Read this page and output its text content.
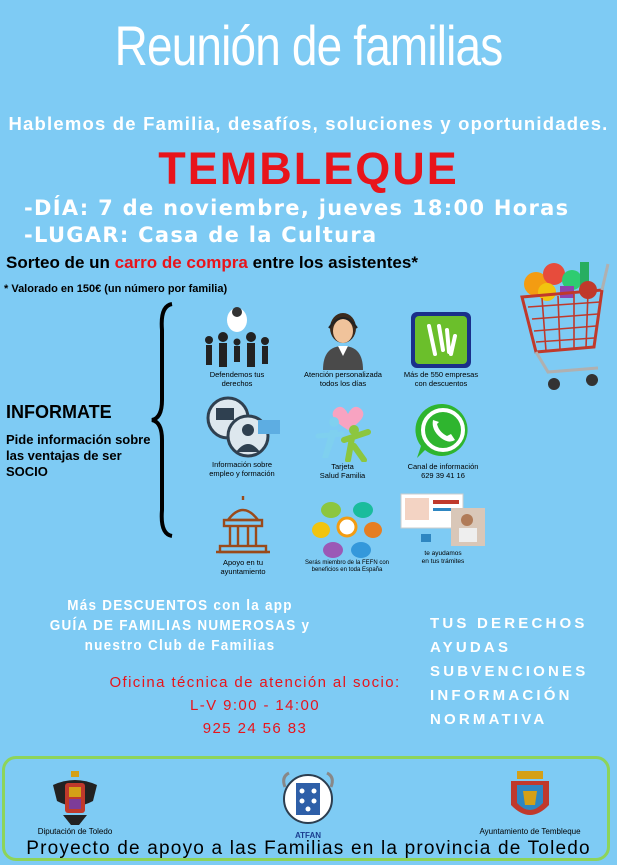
Reunión de familias
Hablemos de Familia, desafíos, soluciones y oportunidades.
TEMBLEQUE
-DÍA: 7 de noviembre, jueves 18:00 Horas
-LUGAR: Casa de la Cultura
Sorteo de un carro de compra entre los asistentes*
* Valorado en 150€ (un número por familia)
INFORMATE
Pide información sobre las ventajas de ser SOCIO
Defendemos tus
derechos
Atención personalizada
todos los días
Más de 550 empresas
con descuentos
Información sobre
empleo y formación
Tarjeta
Salud Familia
Canal de información
629 39 41 16
Apoyo en tu
ayuntamiento
Serás miembro de la FEFN con
beneficios en toda España
te ayudamos
en tus trámites
Más DESCUENTOS con la app
GUÍA DE FAMILIAS NUMEROSAS y
nuestro Club de Familias
Oficina técnica de atención al socio:
L-V 9:00 - 14:00
925 24 56 83
TUS DERECHOS
AYUDAS
SUBVENCIONES
INFORMACIÓN
NORMATIVA
Diputación de Toledo	ATFAN	Ayuntamiento de Tembleque
Proyecto de apoyo a las Familias en la provincia de Toledo
